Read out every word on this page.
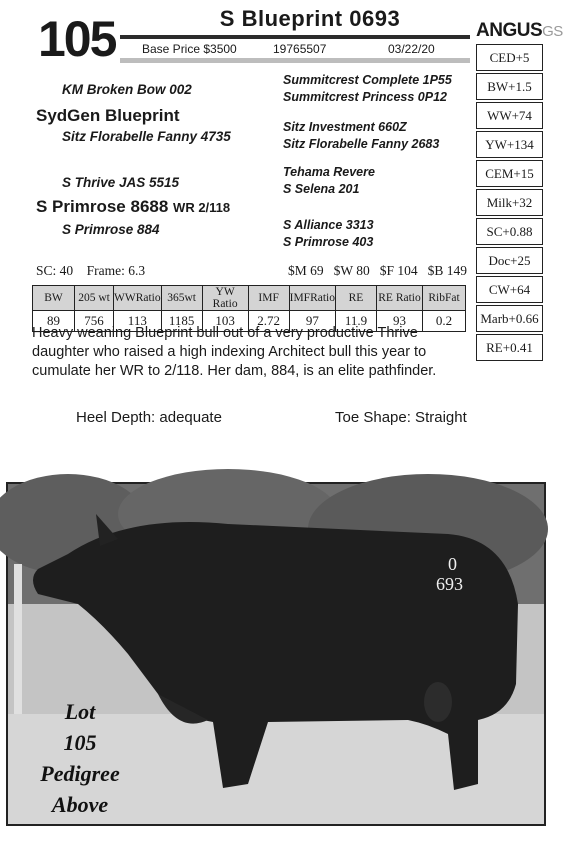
105	S Blueprint 0693
Base Price $3500	19765507	03/22/20
ANGUSGS
CED+5
BW+1.5
WW+74
YW+134
CEM+15
Milk+32
SC+0.88
Doc+25
CW+64
Marb+0.66
RE+0.41
KM Broken Bow 002
SydGen Blueprint
Sitz Florabelle Fanny 4735
S Thrive JAS 5515
S Primrose 8688 WR 2/118
S Primrose 884
Summitcrest Complete 1P55
Summitcrest Princess 0P12
Sitz Investment 660Z
Sitz Florabelle Fanny 2683
Tehama Revere
S Selena 201
S Alliance 3313
S Primrose 403
SC: 40 Frame: 6.3	$M 69 $W 80 $F 104 $B 149
BW	205 wt	WWRatio	365wt	YW Ratio	IMF	IMFRatio	RE	RE Ratio	RibFat
89	756	113	1185	103	2.72	97	11.9	93	0.2
Heavy weaning Blueprint bull out of a very productive Thrive daughter who raised a high indexing Architect bull this year to cumulate her WR to 2/118. Her dam, 884, is an elite pathfinder.
Heel Depth: adequate	Toe Shape: Straight
0
693
Lot
105
Pedigree
Above
